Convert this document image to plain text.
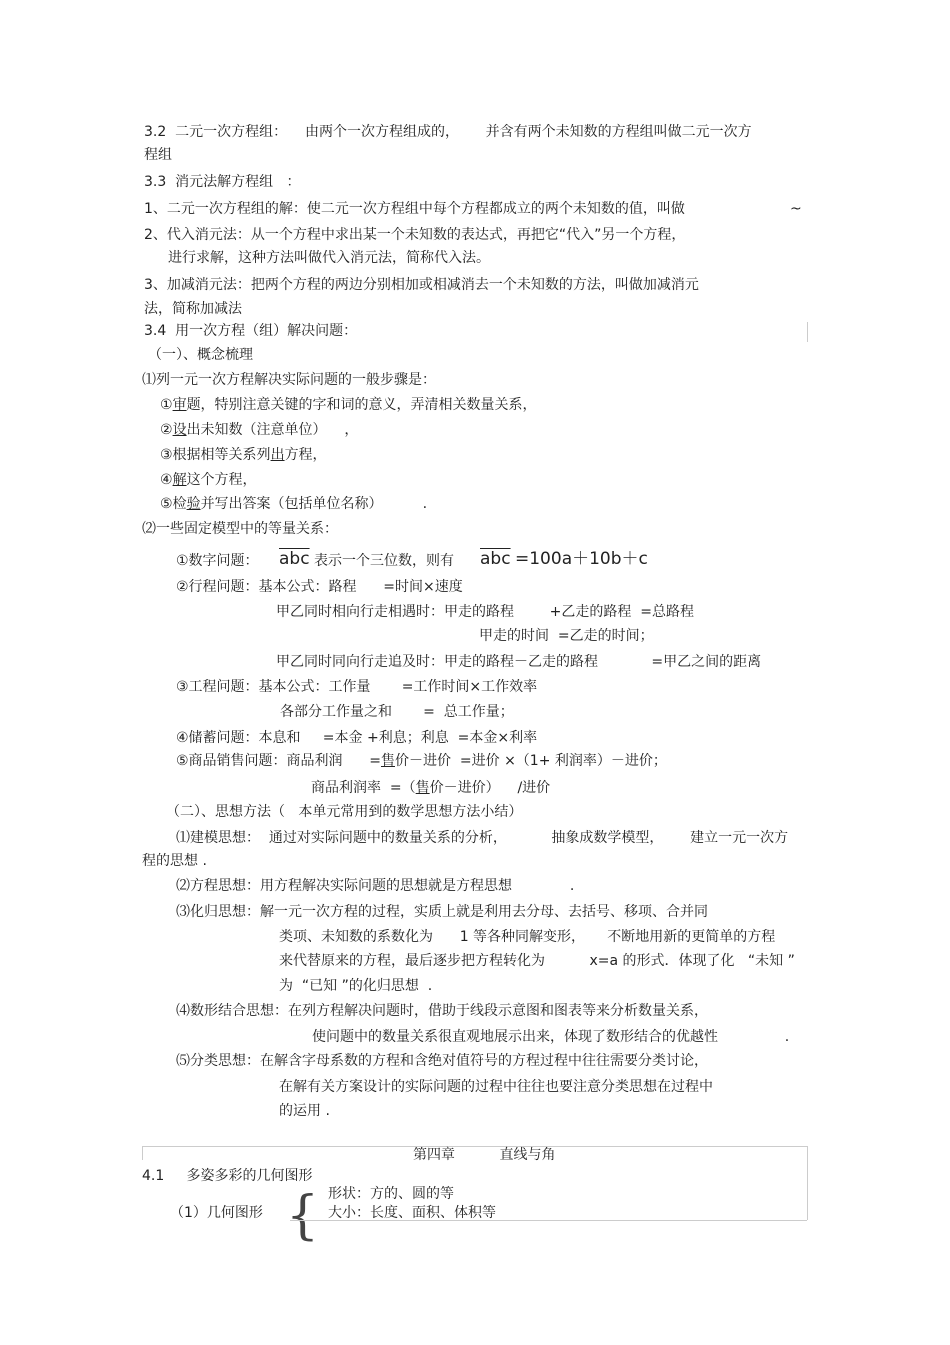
3.2  二元一次方程组：    由两个一次方程组成的，      并含有两个未知数的方程组叫做二元一次方
程组
3.3  消元法解方程组   ：
1、二元一次方程组的解：使二元一次方程组中每个方程都成立的两个未知数的值，叫做	~
2、代入消元法：从一个方程中求出某一个未知数的表达式，再把它“代入”另一个方程，
进行求解，这种方法叫做代入消元法，简称代入法。
3、加减消元法：把两个方程的两边分别相加或相减消去一个未知数的方法，叫做加减消元
法，简称加减法
3.4  用一次方程（组）解决问题：
（一）、概念梳理
⑴列一元一次方程解决实际问题的一般步骤是：
①审题，特别注意关键的字和词的意义，弄清相关数量关系，
②设出未知数（注意单位）    ，
③根据相等关系列出方程，
④解这个方程，
⑤检验并写出答案（包括单位名称）         .
⑵一些固定模型中的等量关系：
①数字问题： $\overline{abc}$ 表示一个三位数，则有 $\overline{abc} =100a+10b+c$
②行程问题：基本公式：路程      =时间×速度
甲乙同时相向行走相遇时：甲走的路程        +乙走的路程  =总路程
甲走的时间  =乙走的时间；
甲乙同时同向行走追及时：甲走的路程－乙走的路程            =甲乙之间的距离
③工程问题：基本公式：工作量       =工作时间×工作效率
各部分工作量之和       =  总工作量；
④储蓄问题：本息和     =本金 +利息；利息  =本金×利率
⑤商品销售问题：商品利润      =售价－进价  =进价 ×（1+ 利润率）－进价；
商品利润率  =（售价－进价）    /进价
（二）、思想方法（   本单元常用到的数学思想方法小结）
⑴建模思想：  通过对实际问题中的数量关系的分析，          抽象成数学模型，      建立一元一次方
程的思想 .
⑵方程思想：用方程解决实际问题的思想就是方程思想             .
⑶化归思想：解一元一次方程的过程，实质上就是利用去分母、去括号、移项、合并同
类项、未知数的系数化为      1 等各种同解变形，     不断地用新的更简单的方程
来代替原来的方程，最后逐步把方程转化为          x=a 的形式．体现了化   “未知 ”
为  “已知 ”的化归思想  .
⑷数形结合思想：在列方程解决问题时，借助于线段示意图和图表等来分析数量关系，
使问题中的数量关系很直观地展示出来，体现了数形结合的优越性               .
⑸分类思想：在解含字母系数的方程和含绝对值符号的方程过程中往往需要分类讨论，
在解有关方案设计的实际问题的过程中往往也要注意分类思想在过程中
的运用 .
第四章          直线与角
4.1     多姿多彩的几何图形
形状：方的、圆的等
{
（1）几何图形	大小：长度、面积、体积等
